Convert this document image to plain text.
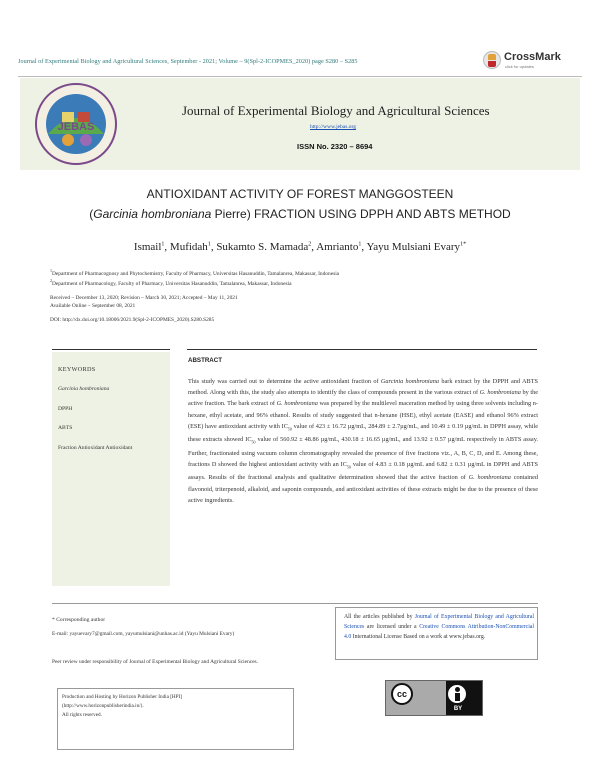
Journal of Experimental Biology and Agricultural Sciences, September - 2021; Volume – 9(Spl-2-ICOPMES_2020) page S280 – S285	CrossMark
click for updates
JEBAS
Journal of Experimental Biology and Agricultural Sciences
http://www.jebas.org
ISSN No. 2320 – 8694
ANTIOXIDANT ACTIVITY OF FOREST MANGGOSTEEN
(Garcinia hombroniana Pierre) FRACTION USING DPPH AND ABTS METHOD
Ismail$^1$, Mufidah$^1$, Sukamto S. Mamada$^2$, Amrianto$^1$, Yayu Mulsiani Evary$^{1*}$
$^1$Department of Pharmacognosy and Phytochemistry, Faculty of Pharmacy, Universitas Hasanuddin, Tamalanrea, Makassar, Indonesia
$^2$Department of Pharmacology, Faculty of Pharmacy, Universitas Hasanuddin, Tamalanrea, Makassar, Indonesia
Received – December 13, 2020; Revision – March 30, 2021; Accepted – May 11, 2021
Available Online – September 08, 2021
DOI: http://dx.doi.org/10.18006/2021.9(Spl-2-ICOPMES_2020).S280.S285
KEYWORDS
Garcinia hombroniana
DPPH
ABTS
Fraction Antioxidant Antioxidant
ABSTRACT
This study was carried out to determine the active antioxidant fraction of Garcinia hombroniana bark extract by the DPPH and ABTS method. Along with this, the study also attempts to identify the class of compounds present in the various extract of G. hombroniana by the active fraction. The bark extract of G. hombroniana was prepared by the multilevel maceration method by using three solvents including n-hexane, ethyl acetate, and 96% ethanol. Results of study suggested that n-hexane (HSE), ethyl acetate (EASE) and ethanol 96% extract (ESE) have antioxidant activity with $IC_{50}$ value of 423 ± 16.72 µg/mL, 284.89 ± 2.7µg/mL, and 10.49 ± 0.19 µg/mL in DPPH assay, while these extracts showed $IC_{50}$ value of 560.92 ± 48.86 µg/mL, 430.18 ± 16.65 µg/mL, and 13.92 ± 0.57 µg/mL respectively in ABTS assay. Further, fractionated using vacuum column chromatography revealed the presence of five fractions viz., A, B, C, D, and E. Among these, fractions D showed the highest antioxidant activity with an $IC_{50}$ value of 4.83 ± 0.18 µg/mL and 6.82 ± 0.31 µg/mL in DPPH and ABTS assays. Results of the fractional analysis and qualitative determination showed that the active fraction of G. hombroniana contained flavonoid, triterpenoid, alkaloid, and saponin compounds, and antioxidant activities of these extracts might be due to the presence of these active ingredients.
* Corresponding author
E-mail: yayuevary7@gmail.com, yayumulsiani@unhas.ac.id (Yayu Mulsiani Evary)
Peer review under responsibility of Journal of Experimental Biology and Agricultural Sciences.
Production and Hosting by Horizon Publisher India [HPI]
(http://www.horizonpublisherindia.in/).
All rights reserved.
All the articles published by Journal of Experimental Biology and Agricultural Sciences are licensed under a Creative Commons Attribution-NonCommercial 4.0 International License Based on a work at www.jebas.org.
cc
BY
